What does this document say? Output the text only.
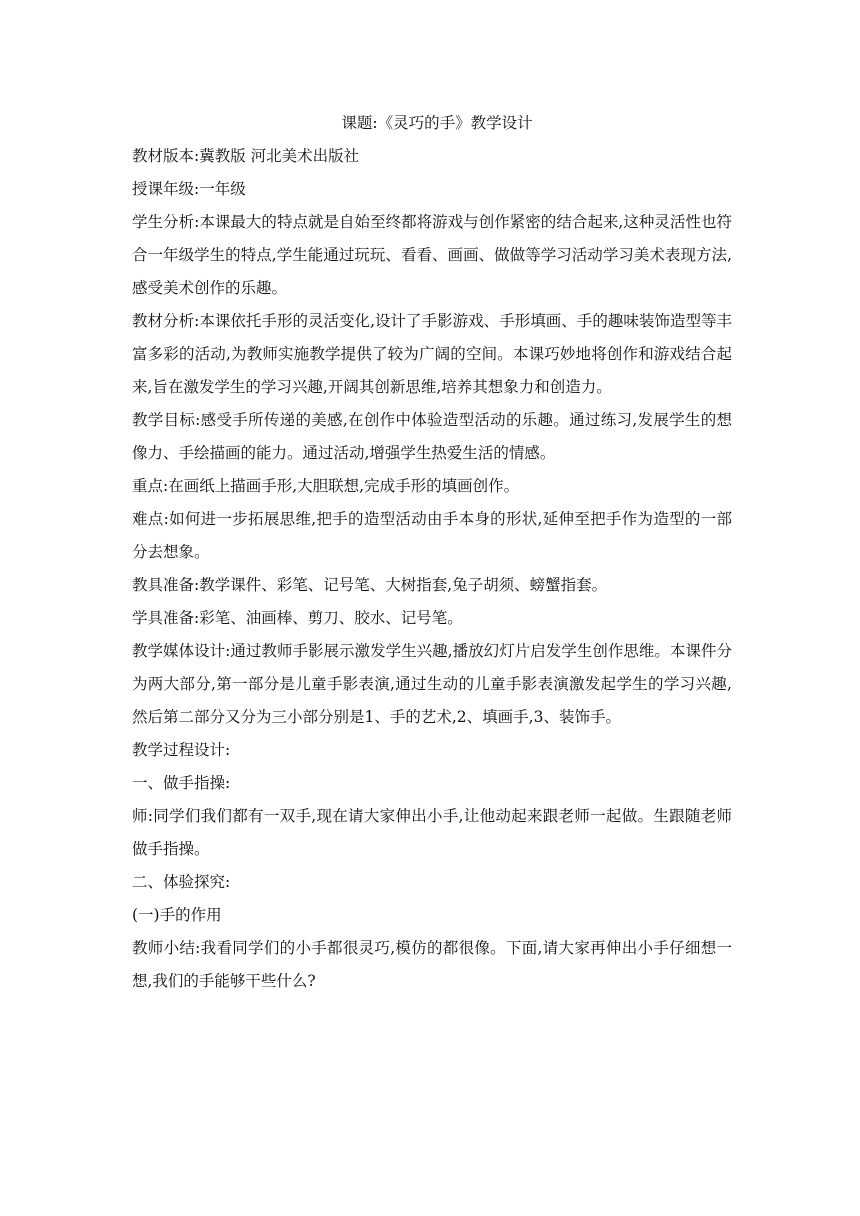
课题:《灵巧的手》教学设计

教材版本:冀教版 河北美术出版社

授课年级:一年级

学生分析:本课最大的特点就是自始至终都将游戏与创作紧密的结合起来,这种灵活性也符合一年级学生的特点,学生能通过玩玩、看看、画画、做做等学习活动学习美术表现方法,感受美术创作的乐趣。

教材分析:本课依托手形的灵活变化,设计了手影游戏、手形填画、手的趣味装饰造型等丰富多彩的活动,为教师实施教学提供了较为广阔的空间。本课巧妙地将创作和游戏结合起来,旨在激发学生的学习兴趣,开阔其创新思维,培养其想象力和创造力。

教学目标:感受手所传递的美感,在创作中体验造型活动的乐趣。通过练习,发展学生的想像力、手绘描画的能力。通过活动,增强学生热爱生活的情感。

重点:在画纸上描画手形,大胆联想,完成手形的填画创作。

难点:如何进一步拓展思维,把手的造型活动由手本身的形状,延伸至把手作为造型的一部分去想象。

教具准备:教学课件、彩笔、记号笔、大树指套,兔子胡须、螃蟹指套。

学具准备:彩笔、油画棒、剪刀、胶水、记号笔。

教学媒体设计:通过教师手影展示激发学生兴趣,播放幻灯片启发学生创作思维。本课件分为两大部分,第一部分是儿童手影表演,通过生动的儿童手影表演激发起学生的学习兴趣,然后第二部分又分为三小部分别是1、手的艺术,2、填画手,3、装饰手。

教学过程设计:

一、做手指操:

师:同学们我们都有一双手,现在请大家伸出小手,让他动起来跟老师一起做。生跟随老师做手指操。

二、体验探究:

(一)手的作用

教师小结:我看同学们的小手都很灵巧,模仿的都很像。下面,请大家再伸出小手仔细想一想,我们的手能够干些什么?
